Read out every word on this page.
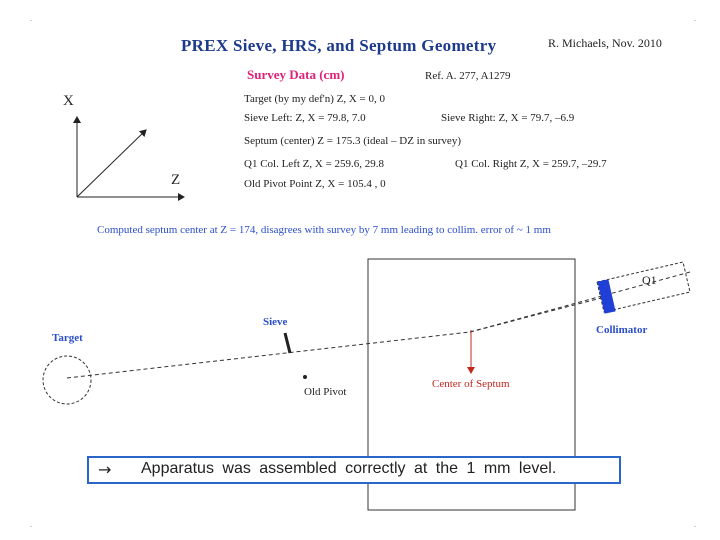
.	.
.	.
PREX Sieve, HRS, and Septum Geometry	R. Michaels, Nov. 2010
Survey Data (cm)	Ref. A. 277, A1279
Target (by my def'n) Z, X = 0, 0
Sieve Left: Z, X = 79.8, 7.0	Sieve Right: Z, X = 79.7, –6.9
Septum (center) Z = 175.3 (ideal – DZ in survey)
Q1 Col. Left Z, X = 259.6, 29.8	Q1 Col. Right Z, X = 259.7, –29.7
Old Pivot Point Z, X = 105.4 , 0
X
Z
Computed septum center at Z = 174, disagrees with survey by 7 mm leading to collim. error of ~ 1 mm
Target
Sieve
Old Pivot
Center of Septum
Collimator
Q1
→ Apparatus was assembled correctly at the 1 mm level.
